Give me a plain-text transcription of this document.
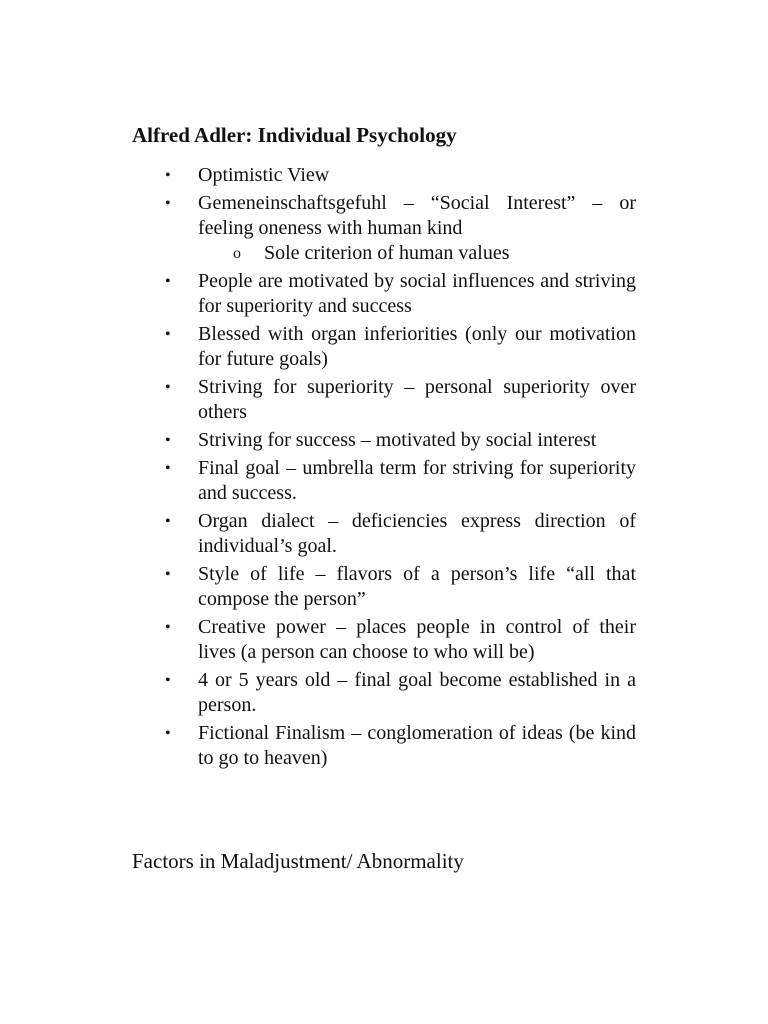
Alfred Adler: Individual Psychology
•	Optimistic View
•	Gemeneinschaftsgefuhl – “Social Interest” – or feeling oneness with human kind
o Sole criterion of human values
•	People are motivated by social influences and striving for superiority and success
•	Blessed with organ inferiorities (only our motivation for future goals)
•	Striving for superiority – personal superiority over others
•	Striving for success – motivated by social interest
•	Final goal – umbrella term for striving for superiority and success.
•	Organ dialect – deficiencies express direction of individual’s goal.
•	Style of life – flavors of a person’s life “all that compose the person”
•	Creative power – places people in control of their lives (a person can choose to who will be)
•	4 or 5 years old – final goal become established in a person.
•	Fictional Finalism – conglomeration of ideas (be kind to go to heaven)
Factors in Maladjustment/ Abnormality
